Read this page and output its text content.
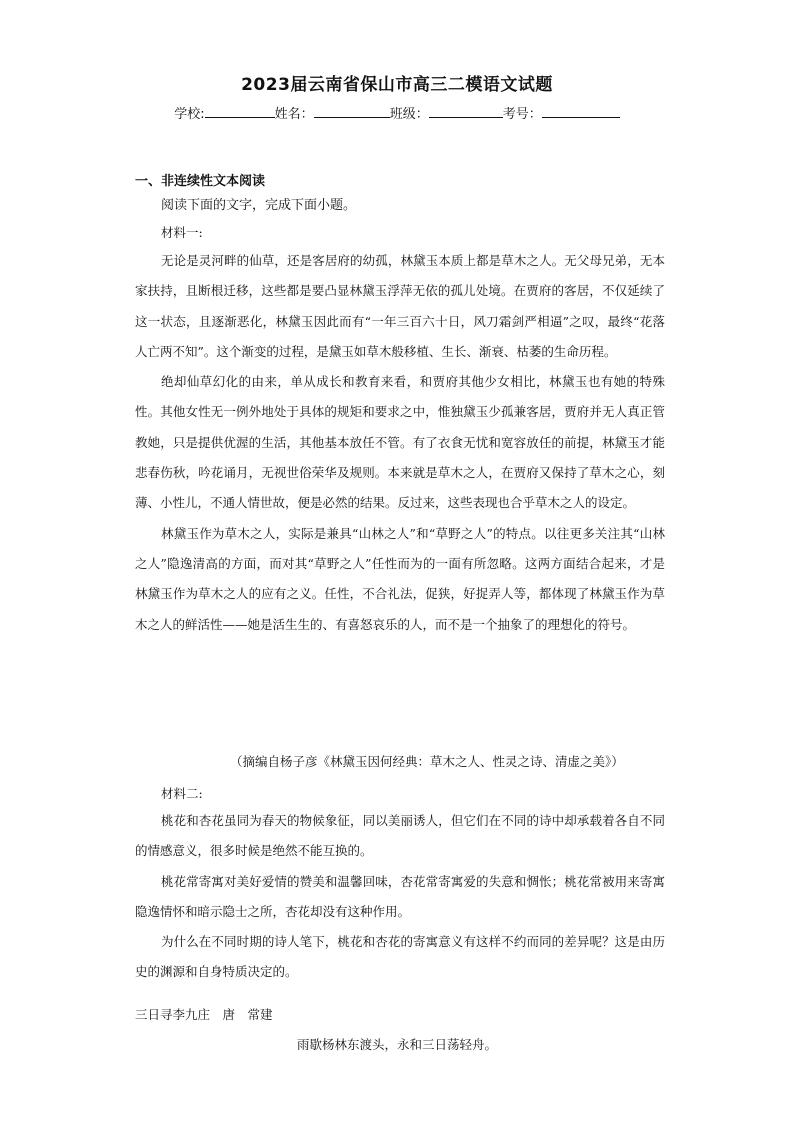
2023届云南省保山市高三二模语文试题
学校:	姓名：	班级：	考号：
一、非连续性文本阅读
阅读下面的文字，完成下面小题。
材料一:

无论是灵河畔的仙草，还是客居府的幼孤，林黛玉本质上都是草木之人。无父母兄弟，无本家扶持，且断根迁移，这些都是要凸显林黛玉浮萍无依的孤儿处境。在贾府的客居，不仅延续了这一状态，且逐渐恶化，林黛玉因此而有“一年三百六十日，风刀霜剑严相逼”之叹，最终“花落人亡两不知”。这个渐变的过程，是黛玉如草木般移植、生长、渐衰、枯萎的生命历程。

绝却仙草幻化的由来，单从成长和教育来看，和贾府其他少女相比，林黛玉也有她的特殊性。其他女性无一例外地处于具体的规矩和要求之中，惟独黛玉少孤兼客居，贾府并无人真正管教她，只是提供优渥的生活，其他基本放任不管。有了衣食无忧和宽容放任的前提，林黛玉才能悲春伤秋，吟花诵月，无视世俗荣华及规则。本来就是草木之人，在贾府又保持了草木之心，刻薄、小性儿，不通人情世故，便是必然的结果。反过来，这些表现也合乎草木之人的设定。

林黛玉作为草木之人，实际是兼具“山林之人”和“草野之人”的特点。以往更多关注其“山林之人”隐逸清高的方面，而对其“草野之人”任性而为的一面有所忽略。这两方面结合起来，才是林黛玉作为草木之人的应有之义。任性，不合礼法，促狭，好捉弄人等，都体现了林黛玉作为草木之人的鲜活性——她是活生生的、有喜怒哀乐的人，而不是一个抽象了的理想化的符号。

（摘编自杨子彦《林黛玉因何经典：草木之人、性灵之诗、清虚之美》）
材料二:

桃花和杏花虽同为春天的物候象征，同以美丽诱人，但它们在不同的诗中却承载着各自不同的情感意义，很多时候是绝然不能互换的。

桃花常寄寓对美好爱情的赞美和温馨回味，杏花常寄寓爱的失意和惆怅；桃花常被用来寄寓隐逸情怀和暗示隐士之所，杏花却没有这种作用。

为什么在不同时期的诗人笔下，桃花和杏花的寄寓意义有这样不约而同的差异呢？这是由历史的渊源和自身特质决定的。

三日寻李九庄　唐　常建
雨歇杨林东渡头，永和三日荡轻舟。
